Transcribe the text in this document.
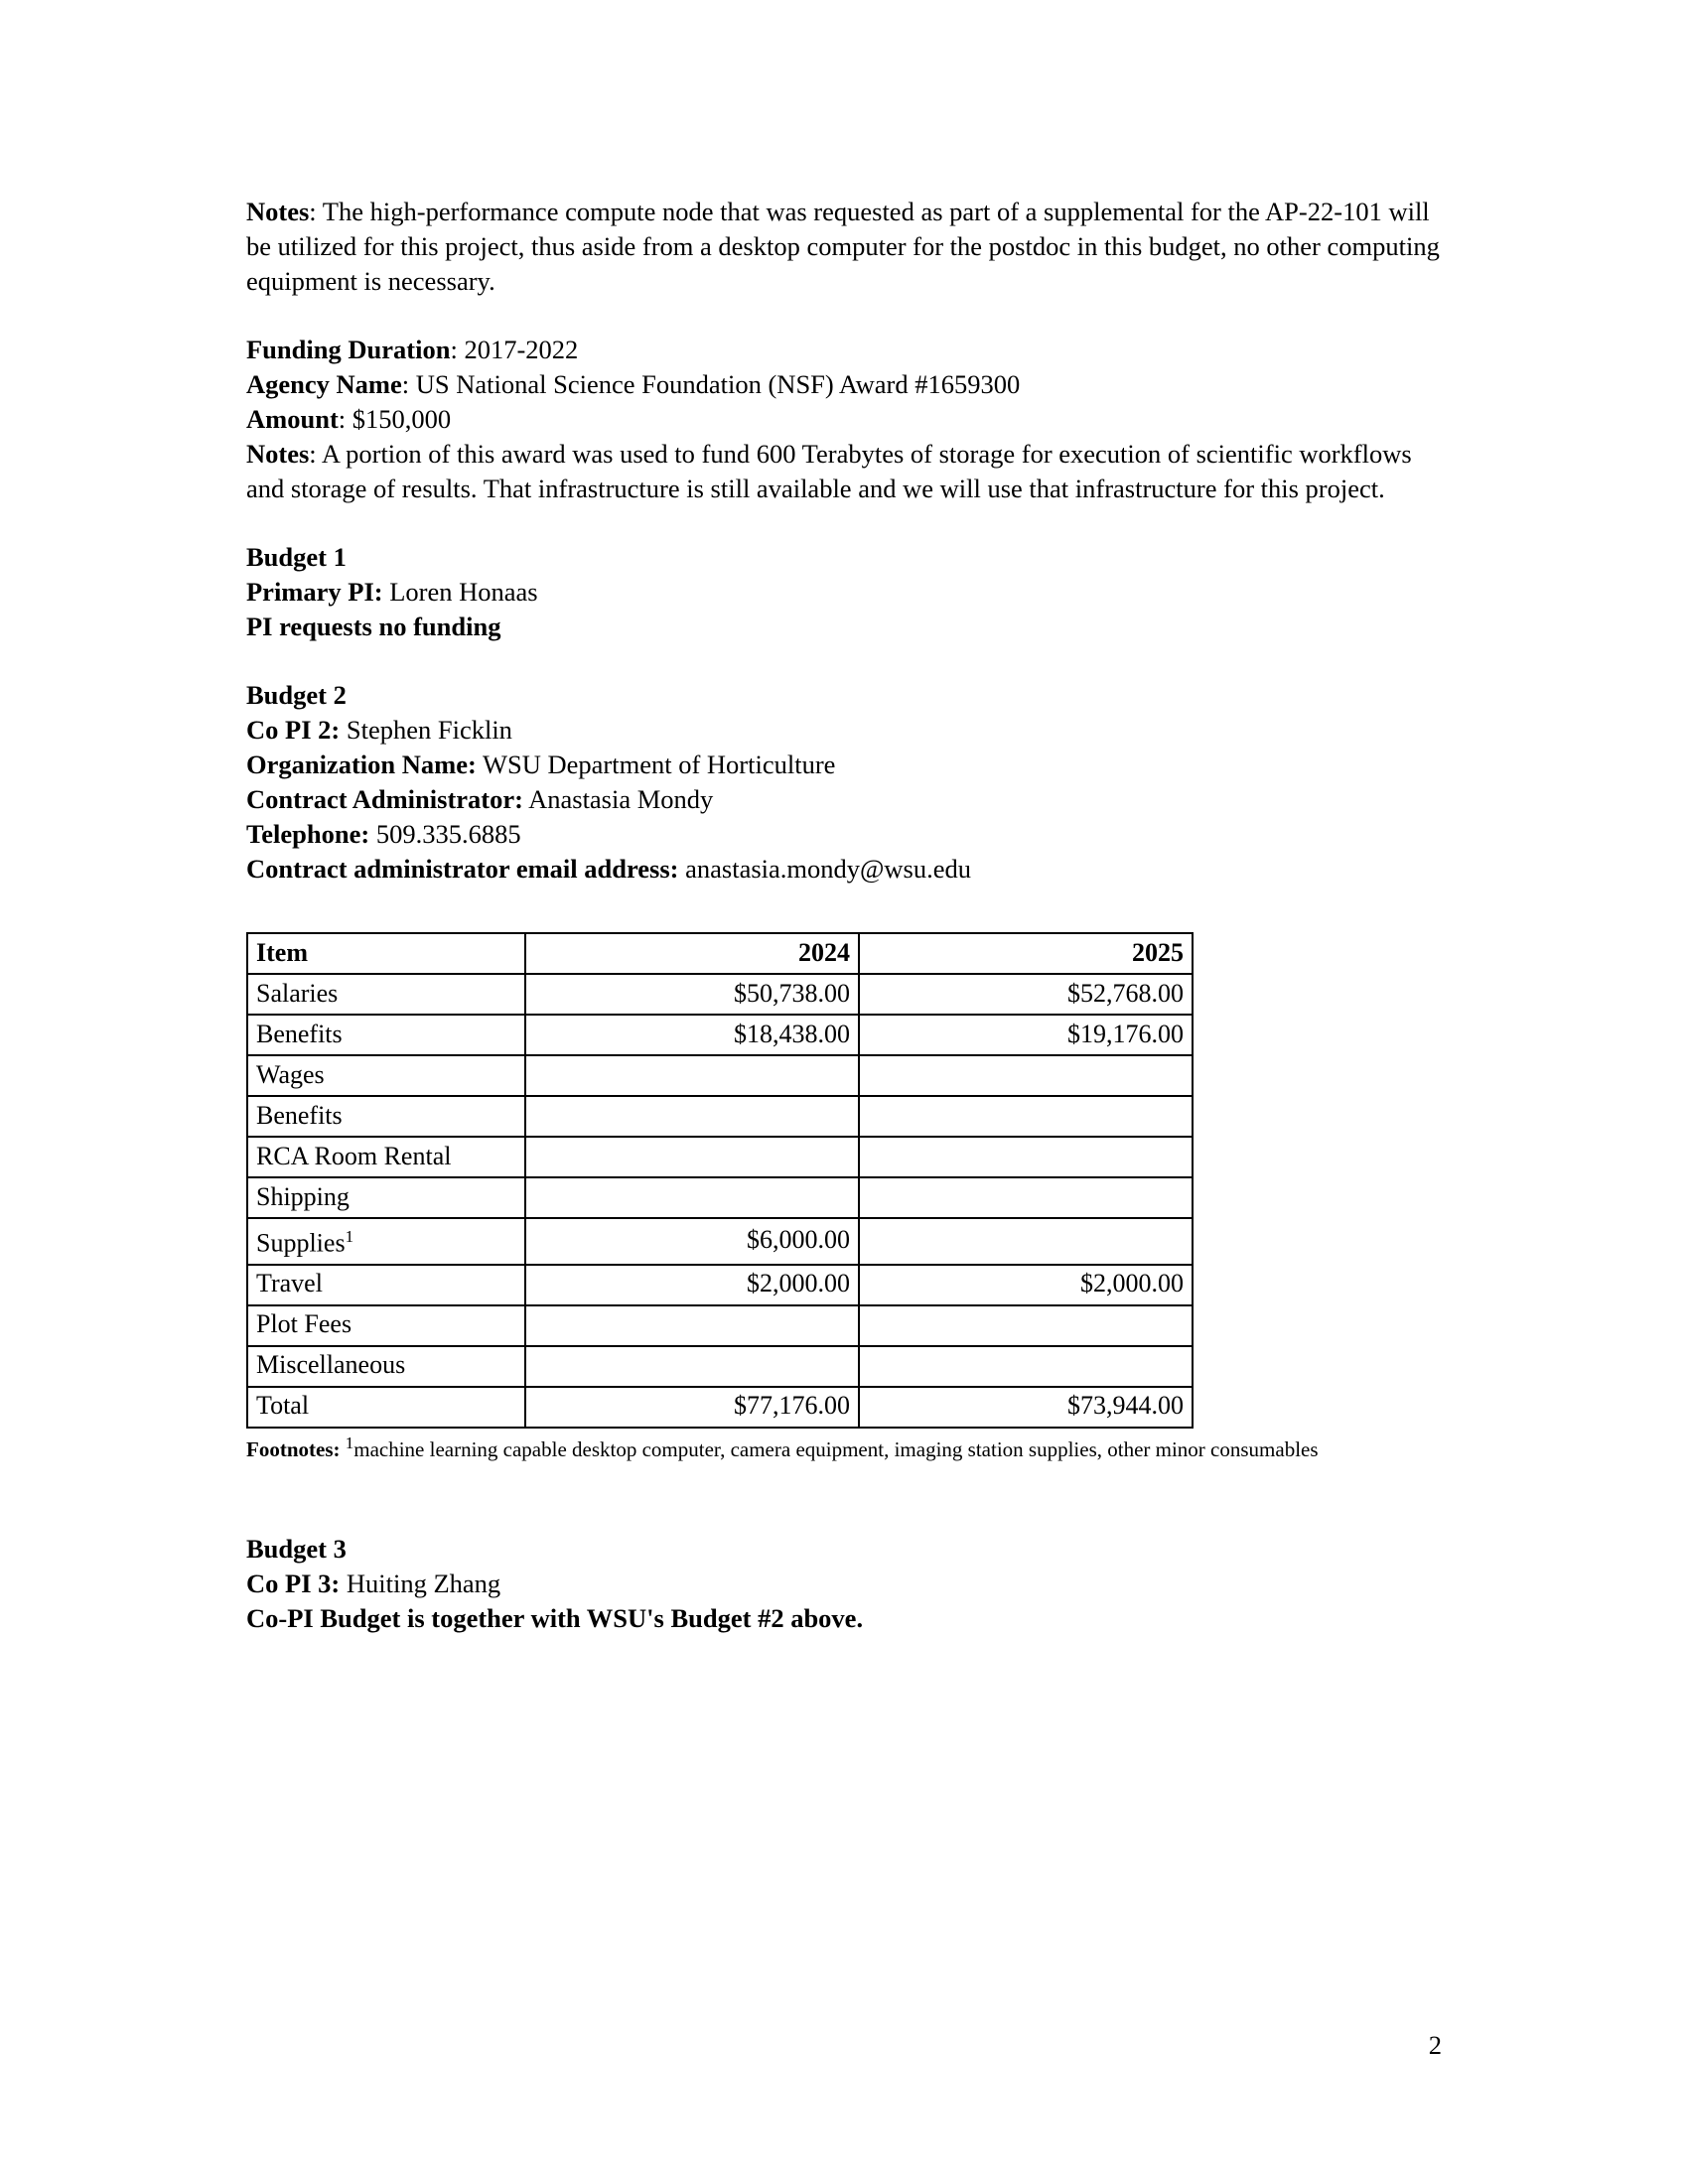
Notes: The high-performance compute node that was requested as part of a supplemental for the AP-22-101 will be utilized for this project, thus aside from a desktop computer for the postdoc in this budget, no other computing equipment is necessary.
Funding Duration: 2017-2022
Agency Name: US National Science Foundation (NSF) Award #1659300
Amount: $150,000
Notes: A portion of this award was used to fund 600 Terabytes of storage for execution of scientific workflows and storage of results. That infrastructure is still available and we will use that infrastructure for this project.
Budget 1
Primary PI: Loren Honaas
PI requests no funding
Budget 2
Co PI 2: Stephen Ficklin
Organization Name: WSU Department of Horticulture
Contract Administrator: Anastasia Mondy
Telephone: 509.335.6885
Contract administrator email address: anastasia.mondy@wsu.edu
Item	2024	2025
Salaries	$50,738.00	$52,768.00
Benefits	$18,438.00	$19,176.00
Wages		
Benefits		
RCA Room Rental		
Shipping		
Supplies$^1$	$6,000.00	
Travel	$2,000.00	$2,000.00
Plot Fees		
Miscellaneous		
Total	$77,176.00	$73,944.00
Footnotes: $^1$machine learning capable desktop computer, camera equipment, imaging station supplies, other minor consumables
Budget 3
Co PI 3: Huiting Zhang
Co-PI Budget is together with WSU's Budget #2 above.
2
